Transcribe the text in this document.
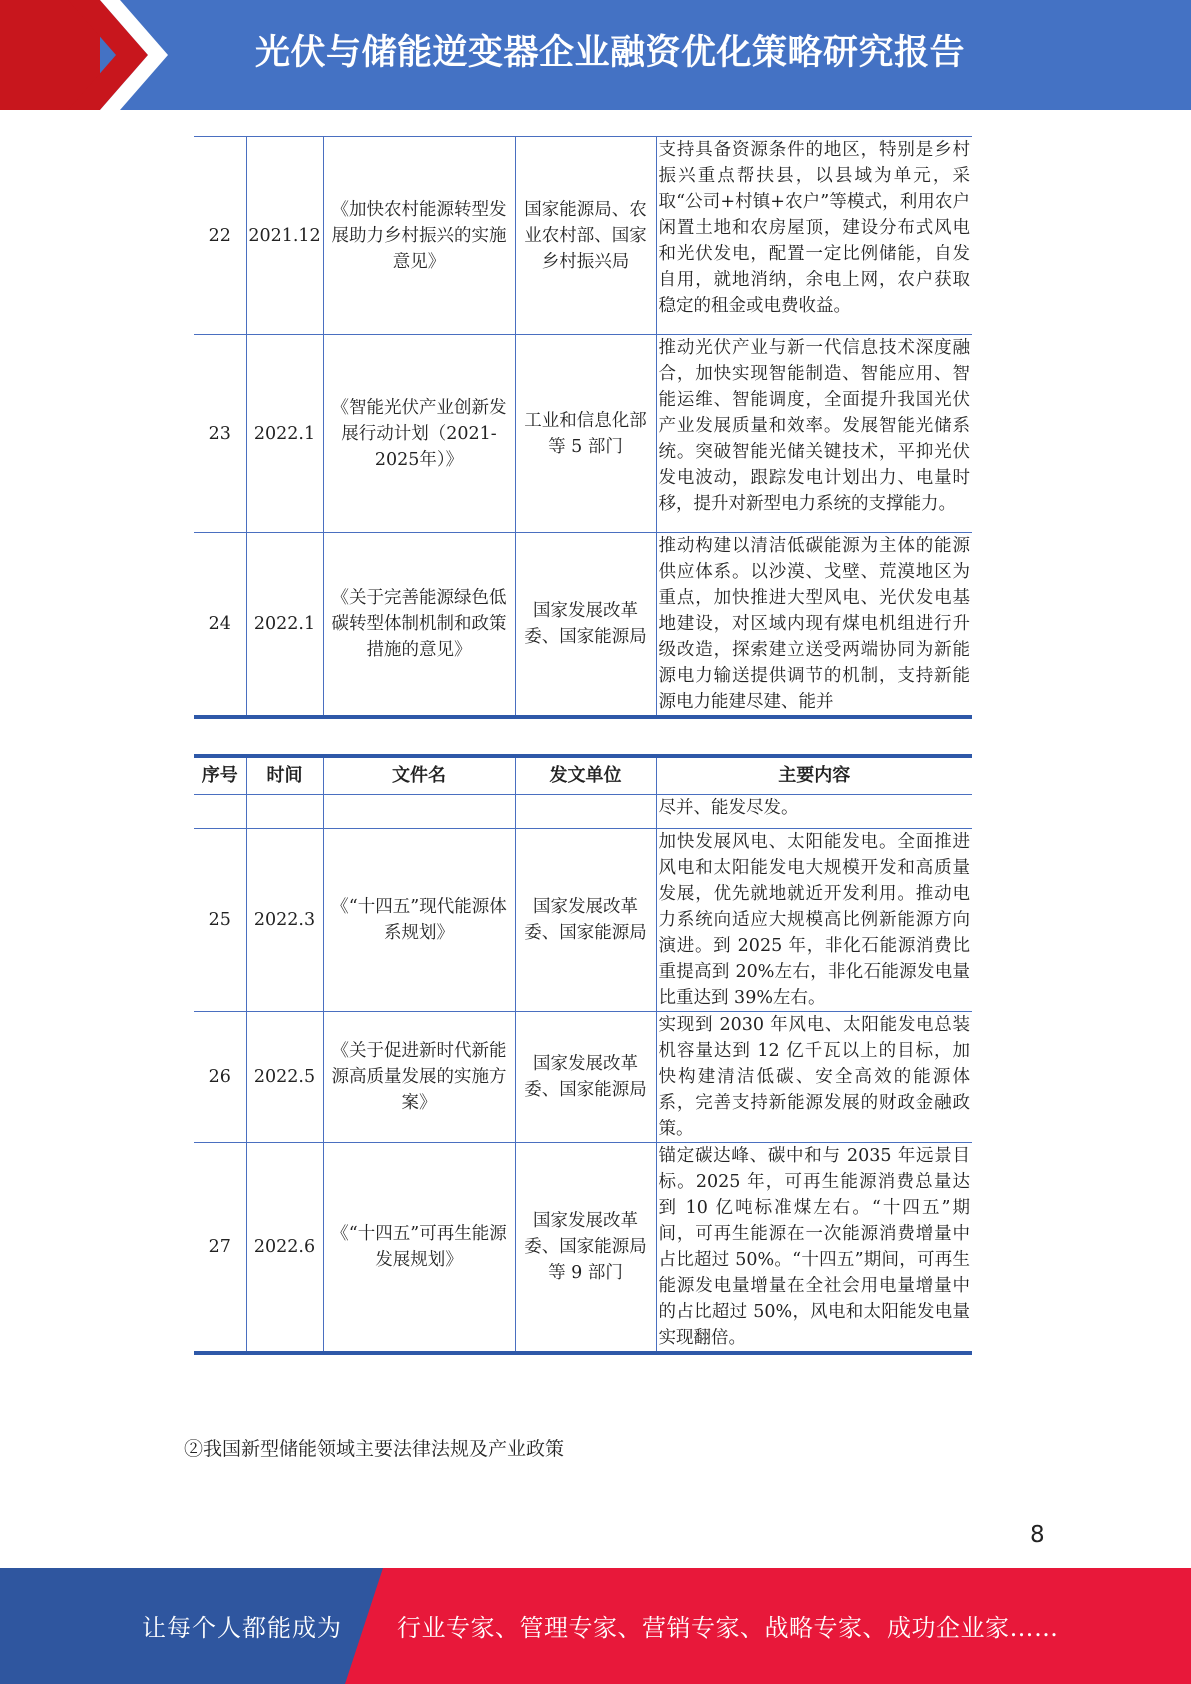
光伏与储能逆变器企业融资优化策略研究报告
22	2021.12	《加快农村能源转型发展助力乡村振兴的实施意见》	国家能源局、农业农村部、国家乡村振兴局	支持具备资源条件的地区，特别是乡村振兴重点帮扶县，以县域为单元，采取“公司+村镇+农户”等模式，利用农户闲置土地和农房屋顶，建设分布式风电和光伏发电，配置一定比例储能，自发自用，就地消纳，余电上网，农户获取稳定的租金或电费收益。
23	2022.1	《智能光伏产业创新发展行动计划（2021-2025年）》	工业和信息化部等 5 部门	推动光伏产业与新一代信息技术深度融合，加快实现智能制造、智能应用、智能运维、智能调度，全面提升我国光伏产业发展质量和效率。发展智能光储系统。突破智能光储关键技术，平抑光伏发电波动，跟踪发电计划出力、电量时移，提升对新型电力系统的支撑能力。
24	2022.1	《关于完善能源绿色低碳转型体制机制和政策措施的意见》	国家发展改革委、国家能源局	推动构建以清洁低碳能源为主体的能源供应体系。以沙漠、戈壁、荒漠地区为重点，加快推进大型风电、光伏发电基地建设，对区域内现有煤电机组进行升级改造，探索建立送受两端协同为新能源电力输送提供调节的机制，支持新能源电力能建尽建、能并
序号	时间	文件名	发文单位	主要内容
				尽并、能发尽发。
25	2022.3	《“十四五”现代能源体系规划》	国家发展改革委、国家能源局	加快发展风电、太阳能发电。全面推进风电和太阳能发电大规模开发和高质量发展，优先就地就近开发利用。推动电力系统向适应大规模高比例新能源方向演进。到 2025 年，非化石能源消费比重提高到 20%左右，非化石能源发电量比重达到 39%左右。
26	2022.5	《关于促进新时代新能源高质量发展的实施方案》	国家发展改革委、国家能源局	实现到 2030 年风电、太阳能发电总装机容量达到 12 亿千瓦以上的目标，加快构建清洁低碳、安全高效的能源体系，完善支持新能源发展的财政金融政策。
27	2022.6	《“十四五”可再生能源发展规划》	国家发展改革委、国家能源局等 9 部门	锚定碳达峰、碳中和与 2035 年远景目标。2025 年，可再生能源消费总量达到 10 亿吨标准煤左右。“十四五”期间，可再生能源在一次能源消费增量中占比超过 50%。“十四五”期间，可再生能源发电量增量在全社会用电量增量中的占比超过 50%，风电和太阳能发电量实现翻倍。
②我国新型储能领域主要法律法规及产业政策
8
让每个人都能成为 行业专家、管理专家、营销专家、战略专家、成功企业家……
